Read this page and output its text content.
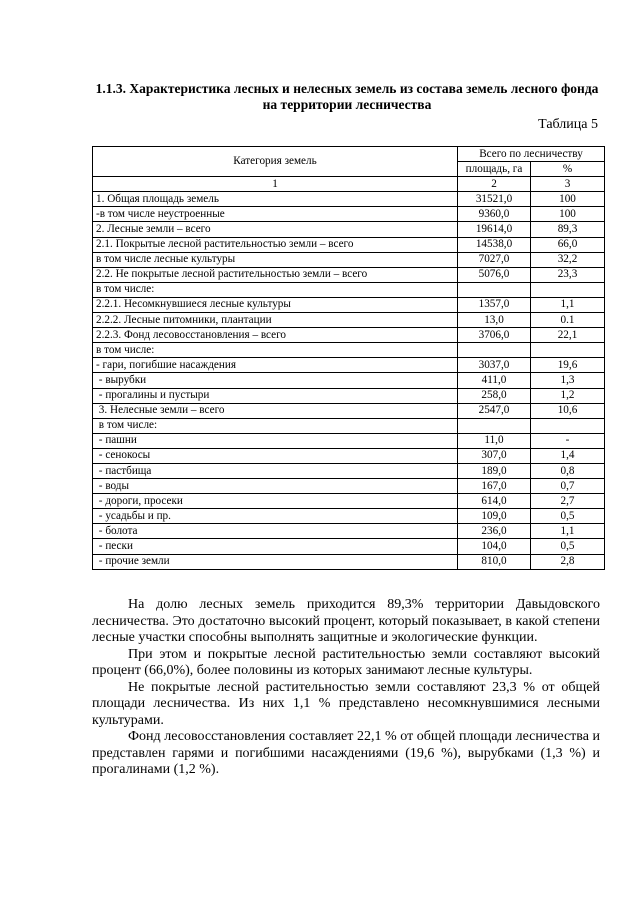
1.1.3. Характеристика лесных и нелесных земель из состава земель лесного фонда на территории лесничества
Таблица 5
Категория земель	Всего по лесничеству	
	площадь, га	%
1	2	3
1. Общая площадь земель	31521,0	100
-в том числе неустроенные	9360,0	100
2. Лесные земли – всего	19614,0	89,3
2.1. Покрытые лесной растительностью земли – всего	14538,0	66,0
в том числе лесные культуры	7027,0	32,2
2.2. Не покрытые лесной растительностью земли – всего	5076,0	23,3
в том числе:		
2.2.1. Несомкнувшиеся лесные культуры	1357,0	1,1
2.2.2. Лесные питомники, плантации	13,0	0.1
2.2.3. Фонд лесовосстановления – всего	3706,0	22,1
в том числе:		
- гари, погибшие насаждения	3037,0	19,6
- вырубки	411,0	1,3
- прогалины и пустыри	258,0	1,2
3. Нелесные земли – всего	2547,0	10,6
в том числе:		
- пашни	11,0	-
- сенокосы	307,0	1,4
- пастбища	189,0	0,8
- воды	167,0	0,7
- дороги, просеки	614,0	2,7
- усадьбы и пр.	109,0	0,5
- болота	236,0	1,1
- пески	104,0	0,5
- прочие земли	810,0	2,8

На долю лесных земель приходится 89,3% территории Давыдовского лесничества. Это достаточно высокий процент, который показывает, в какой степени лесные участки способны выполнять защитные и экологические функции.

При этом и покрытые лесной растительностью земли составляют высокий процент (66,0%), более половины из которых занимают лесные культуры.

Не покрытые лесной растительностью земли составляют 23,3 % от общей площади лесничества. Из них 1,1 % представлено несомкнувшимися лесными культурами.

Фонд лесовосстановления составляет 22,1 % от общей площади лесничества и представлен гарями и погибшими насаждениями (19,6 %), вырубками (1,3 %) и прогалинами (1,2 %).
